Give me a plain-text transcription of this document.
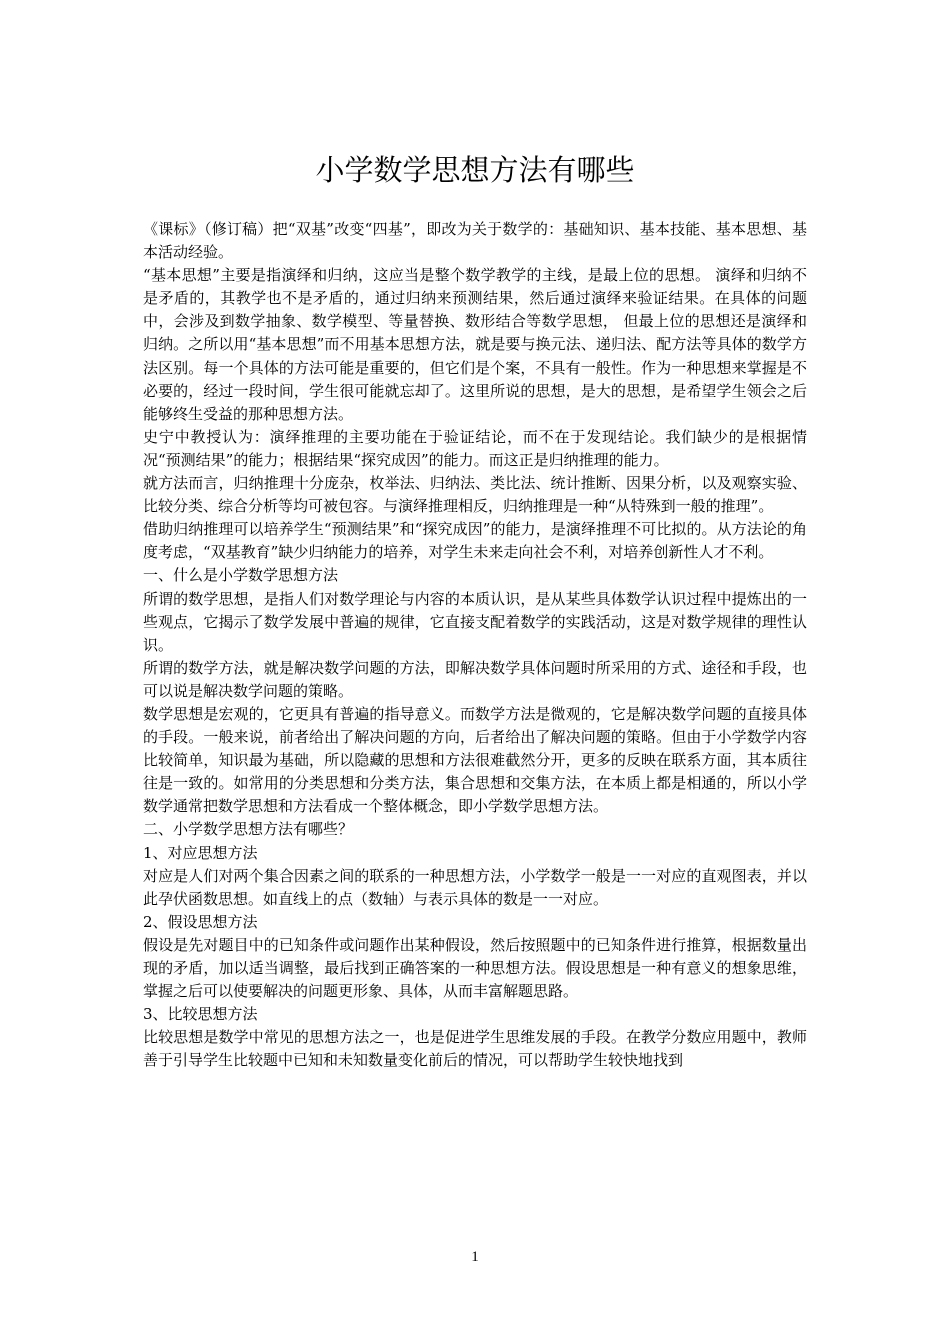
小学数学思想方法有哪些

《课标》（修订稿）把“双基”改变“四基”，即改为关于数学的：基础知识、基本技能、基本思想、基本活动经验。

“基本思想”主要是指演绎和归纳，这应当是整个数学教学的主线，是最上位的思想。 演绎和归纳不是矛盾的，其教学也不是矛盾的，通过归纳来预测结果，然后通过演绎来验证结果。在具体的问题中，会涉及到数学抽象、数学模型、等量替换、数形结合等数学思想， 但最上位的思想还是演绎和归纳。之所以用“基本思想”而不用基本思想方法，就是要与换元法、递归法、配方法等具体的数学方法区别。每一个具体的方法可能是重要的，但它们是个案，不具有一般性。作为一种思想来掌握是不必要的，经过一段时间，学生很可能就忘却了。这里所说的思想，是大的思想，是希望学生领会之后能够终生受益的那种思想方法。

史宁中教授认为：演绎推理的主要功能在于验证结论，而不在于发现结论。我们缺少的是根据情况“预测结果”的能力；根据结果“探究成因”的能力。而这正是归纳推理的能力。

就方法而言，归纳推理十分庞杂，枚举法、归纳法、类比法、统计推断、因果分析，以及观察实验、比较分类、综合分析等均可被包容。与演绎推理相反，归纳推理是一种“从特殊到一般的推理”。

借助归纳推理可以培养学生“预测结果”和“探究成因”的能力，是演绎推理不可比拟的。从方法论的角度考虑，“双基教育”缺少归纳能力的培养，对学生未来走向社会不利，对培养创新性人才不利。

一、什么是小学数学思想方法

所谓的数学思想，是指人们对数学理论与内容的本质认识，是从某些具体数学认识过程中提炼出的一些观点，它揭示了数学发展中普遍的规律，它直接支配着数学的实践活动，这是对数学规律的理性认识。

所谓的数学方法，就是解决数学问题的方法，即解决数学具体问题时所采用的方式、途径和手段，也可以说是解决数学问题的策略。

数学思想是宏观的，它更具有普遍的指导意义。而数学方法是微观的，它是解决数学问题的直接具体的手段。一般来说，前者给出了解决问题的方向，后者给出了解决问题的策略。但由于小学数学内容比较简单，知识最为基础，所以隐藏的思想和方法很难截然分开，更多的反映在联系方面，其本质往往是一致的。如常用的分类思想和分类方法，集合思想和交集方法，在本质上都是相通的，所以小学数学通常把数学思想和方法看成一个整体概念，即小学数学思想方法。

二、小学数学思想方法有哪些？

1、对应思想方法

对应是人们对两个集合因素之间的联系的一种思想方法，小学数学一般是一一对应的直观图表，并以此孕伏函数思想。如直线上的点（数轴）与表示具体的数是一一对应。

2、假设思想方法

假设是先对题目中的已知条件或问题作出某种假设，然后按照题中的已知条件进行推算，根据数量出现的矛盾，加以适当调整，最后找到正确答案的一种思想方法。假设思想是一种有意义的想象思维，掌握之后可以使要解决的问题更形象、具体，从而丰富解题思路。

3、比较思想方法

比较思想是数学中常见的思想方法之一，也是促进学生思维发展的手段。在教学分数应用题中，教师善于引导学生比较题中已知和未知数量变化前后的情况，可以帮助学生较快地找到

1
